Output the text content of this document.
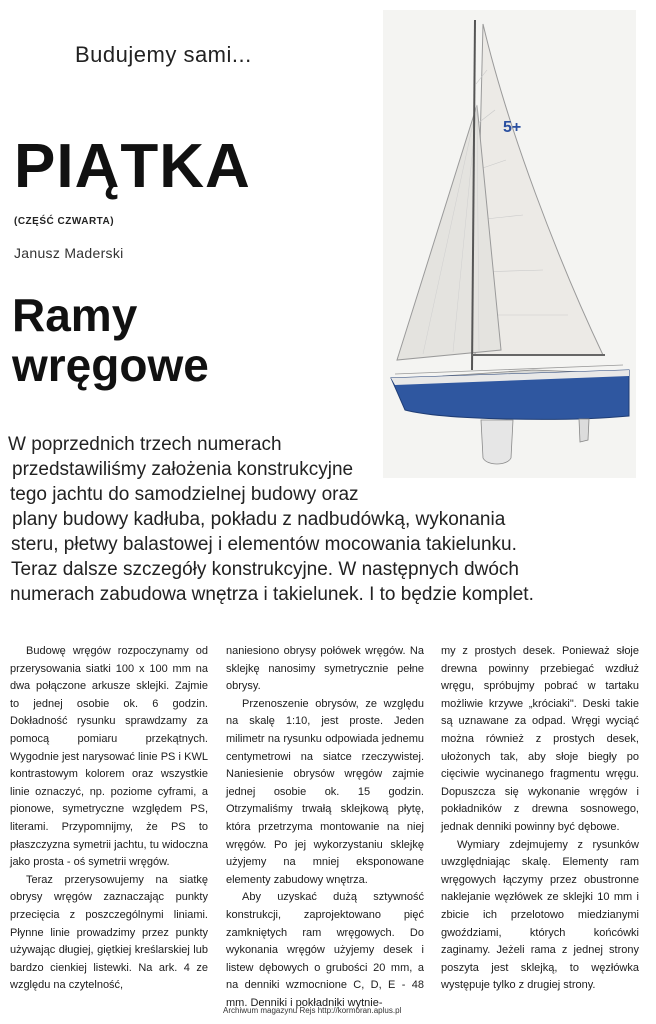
Budujemy sami...
PIĄTKA
(CZĘŚĆ CZWARTA)
Janusz Maderski
Ramy
wręgowe
5+
W poprzednich trzech numerach
przedstawiliśmy założenia konstrukcyjne
tego jachtu do samodzielnej budowy oraz
plany budowy kadłuba, pokładu z nadbudówką, wykonania
steru, płetwy balastowej i elementów mocowania takielunku.
Teraz dalsze szczegóły konstrukcyjne. W następnych dwóch
numerach zabudowa wnętrza i takielunek. I to będzie komplet.

Budowę wręgów rozpoczynamy od przerysowania siatki 100 x 100 mm na dwa połączone arkusze sklejki. Zajmie to jednej osobie ok. 6 godzin. Dokładność rysunku sprawdzamy za pomocą pomiaru przekątnych. Wygodnie jest narysować linie PS i KWL kontrastowym kolorem oraz wszystkie linie oznaczyć, np. poziome cyframi, a pionowe, symetryczne względem PS, literami. Przypomnijmy, że PS to płaszczyzna symetrii jachtu, tu widoczna jako prosta - oś symetrii wręgów.

Teraz przerysowujemy na siatkę obrysy wręgów zaznaczając punkty przecięcia z poszczególnymi liniami. Płynne linie prowadzimy przez punkty używając długiej, giętkiej kreślarskiej lub bardzo cienkiej listewki. Na ark. 4 ze względu na czytelność,

naniesiono obrysy połówek wręgów. Na sklejkę nanosimy symetrycznie pełne obrysy.

Przenoszenie obrysów, ze względu na skalę 1:10, jest proste. Jeden milimetr na rysunku odpowiada jednemu centymetrowi na siatce rzeczywistej. Naniesienie obrysów wręgów zajmie jednej osobie ok. 15 godzin. Otrzymaliśmy trwałą sklejkową płytę, która przetrzyma montowanie na niej wręgów. Po jej wykorzystaniu sklejkę użyjemy na mniej eksponowane elementy zabudowy wnętrza.

Aby uzyskać dużą sztywność konstrukcji, zaprojektowano pięć zamkniętych ram wręgowych. Do wykonania wręgów użyjemy desek i listew dębowych o grubości 20 mm, a na denniki wzmocnione C, D, E - 48 mm. Denniki i pokładniki wytnie-

my z prostych desek. Ponieważ słoje drewna powinny przebiegać wzdłuż wręgu, spróbujmy pobrać w tartaku możliwie krzywe „króciaki". Deski takie są uznawane za odpad. Wręgi wyciąć można również z prostych desek, ułożonych tak, aby słoje biegły po cięciwie wycinanego fragmentu wręgu. Dopuszcza się wykonanie wręgów i pokładników z drewna sosnowego, jednak denniki powinny być dębowe.

Wymiary zdejmujemy z rysunków uwzględniając skalę. Elementy ram wręgowych łączymy przez obustronne naklejanie węzłówek ze sklejki 10 mm i zbicie ich przelotowo miedzianymi gwoździami, których końcówki zaginamy. Jeżeli rama z jednej strony poszyta jest sklejką, to węzłówka występuje tylko z drugiej strony.

Archiwum magazynu Rejs http://kormoran.aplus.pl
